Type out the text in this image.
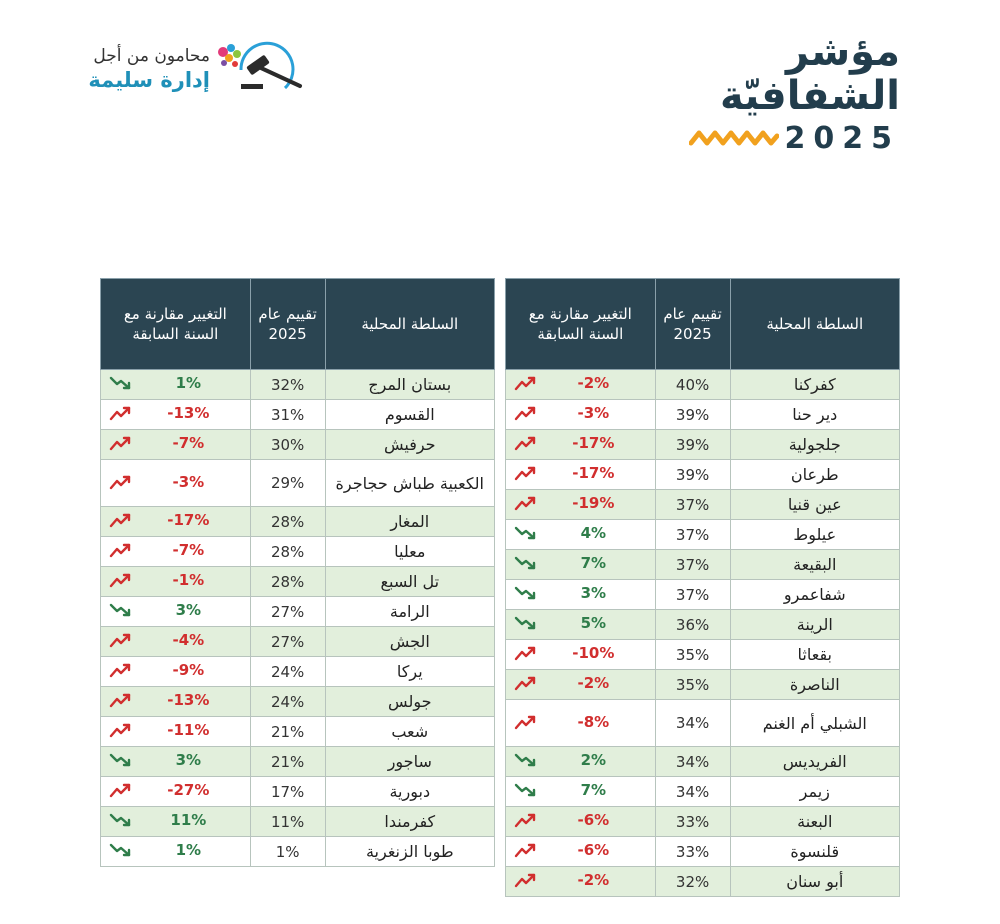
مؤشر
الشفافيّة
2025
محامون من أجل
إدارة سليمة
السلطة المحلية	تقييم عام 2025	التغيير مقارنة مع السنة السابقة
كفركنا	40%	-2%

دير حنا	39%	-3%

جلجولية	39%	-17%

طرعان	39%	-17%

عين قنيا	37%	-19%

عيلوط	37%	4%

البقيعة	37%	7%

شفاعمرو	37%	3%

الرينة	36%	5%

بقعاثا	35%	-10%

الناصرة	35%	-2%

الشبلي أم الغنم	34%	-8%

الفريديس	34%	2%

زيمر	34%	7%

البعنة	33%	-6%

قلنسوة	33%	-6%

أبو سنان	32%	-2%
السلطة المحلية	تقييم عام 2025	التغيير مقارنة مع السنة السابقة
بستان المرج	32%	1%

القسوم	31%	-13%

حرفيش	30%	-7%

الكعبية طباش حجاجرة	29%	-3%

المغار	28%	-17%

معليا	28%	-7%

تل السبع	28%	-1%

الرامة	27%	3%

الجش	27%	-4%

يركا	24%	-9%

جولس	24%	-13%

شعب	21%	-11%

ساجور	21%	3%

دبورية	17%	-27%

كفرمندا	11%	11%

طوبا الزنغرية	1%	1%
